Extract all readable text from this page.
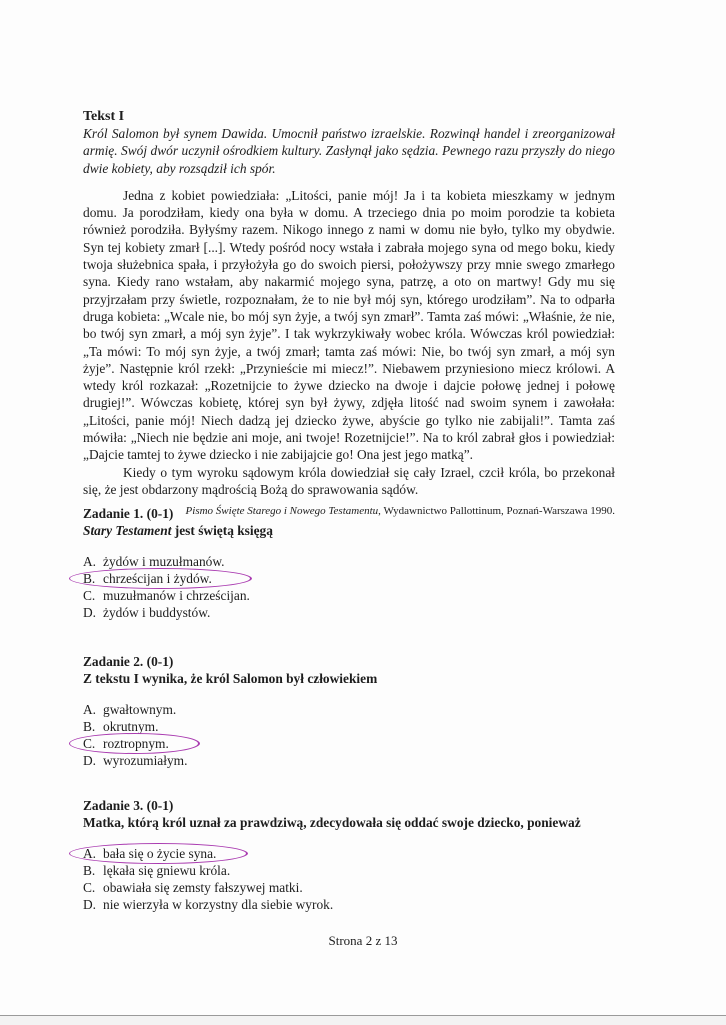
Tekst I

Król Salomon był synem Dawida. Umocnił państwo izraelskie. Rozwinął handel i zreorganizował armię. Swój dwór uczynił ośrodkiem kultury. Zasłynął jako sędzia. Pewnego razu przyszły do niego dwie kobiety, aby rozsądził ich spór.

Jedna z kobiet powiedziała: „Litości, panie mój! Ja i ta kobieta mieszkamy w jednym domu. Ja porodziłam, kiedy ona była w domu. A trzeciego dnia po moim porodzie ta kobieta również porodziła. Byłyśmy razem. Nikogo innego z nami w domu nie było, tylko my obydwie. Syn tej kobiety zmarł [...]. Wtedy pośród nocy wstała i zabrała mojego syna od mego boku, kiedy twoja służebnica spała, i przyłożyła go do swoich piersi, położywszy przy mnie swego zmarłego syna. Kiedy rano wstałam, aby nakarmić mojego syna, patrzę, a oto on martwy! Gdy mu się przyjrzałam przy świetle, rozpoznałam, że to nie był mój syn, którego urodziłam”. Na to odparła druga kobieta: „Wcale nie, bo mój syn żyje, a twój syn zmarł”. Tamta zaś mówi: „Właśnie, że nie, bo twój syn zmarł, a mój syn żyje”. I tak wykrzykiwały wobec króla. Wówczas król powiedział: „Ta mówi: To mój syn żyje, a twój zmarł; tamta zaś mówi: Nie, bo twój syn zmarł, a mój syn żyje”. Następnie król rzekł: „Przynieście mi miecz!”. Niebawem przyniesiono miecz królowi. A wtedy król rozkazał: „Rozetnijcie to żywe dziecko na dwoje i dajcie połowę jednej i połowę drugiej!”. Wówczas kobietę, której syn był żywy, zdjęła litość nad swoim synem i zawołała: „Litości, panie mój! Niech dadzą jej dziecko żywe, abyście go tylko nie zabijali!”. Tamta zaś mówiła: „Niech nie będzie ani moje, ani twoje! Rozetnijcie!”. Na to król zabrał głos i powiedział: „Dajcie tamtej to żywe dziecko i nie zabijajcie go! Ona jest jego matką”.

Kiedy o tym wyroku sądowym króla dowiedział się cały Izrael, czcił króla, bo przekonał się, że jest obdarzony mądrością Bożą do sprawowania sądów.

Pismo Święte Starego i Nowego Testamentu, Wydawnictwo Pallottinum, Poznań-Warszawa 1990.

Zadanie 1. (0-1)

Stary Testament jest świętą księgą

A. żydów i muzułmanów.
B. chrześcijan i żydów.
C. muzułmanów i chrześcijan.
D. żydów i buddystów.

Zadanie 2. (0-1)

Z tekstu I wynika, że król Salomon był człowiekiem

A. gwałtownym.
B. okrutnym.
C. roztropnym.
D. wyrozumiałym.

Zadanie 3. (0-1)

Matka, którą król uznał za prawdziwą, zdecydowała się oddać swoje dziecko, ponieważ

A. bała się o życie syna.
B. lękała się gniewu króla.
C. obawiała się zemsty fałszywej matki.
D. nie wierzyła w korzystny dla siebie wyrok.
Strona 2 z 13
